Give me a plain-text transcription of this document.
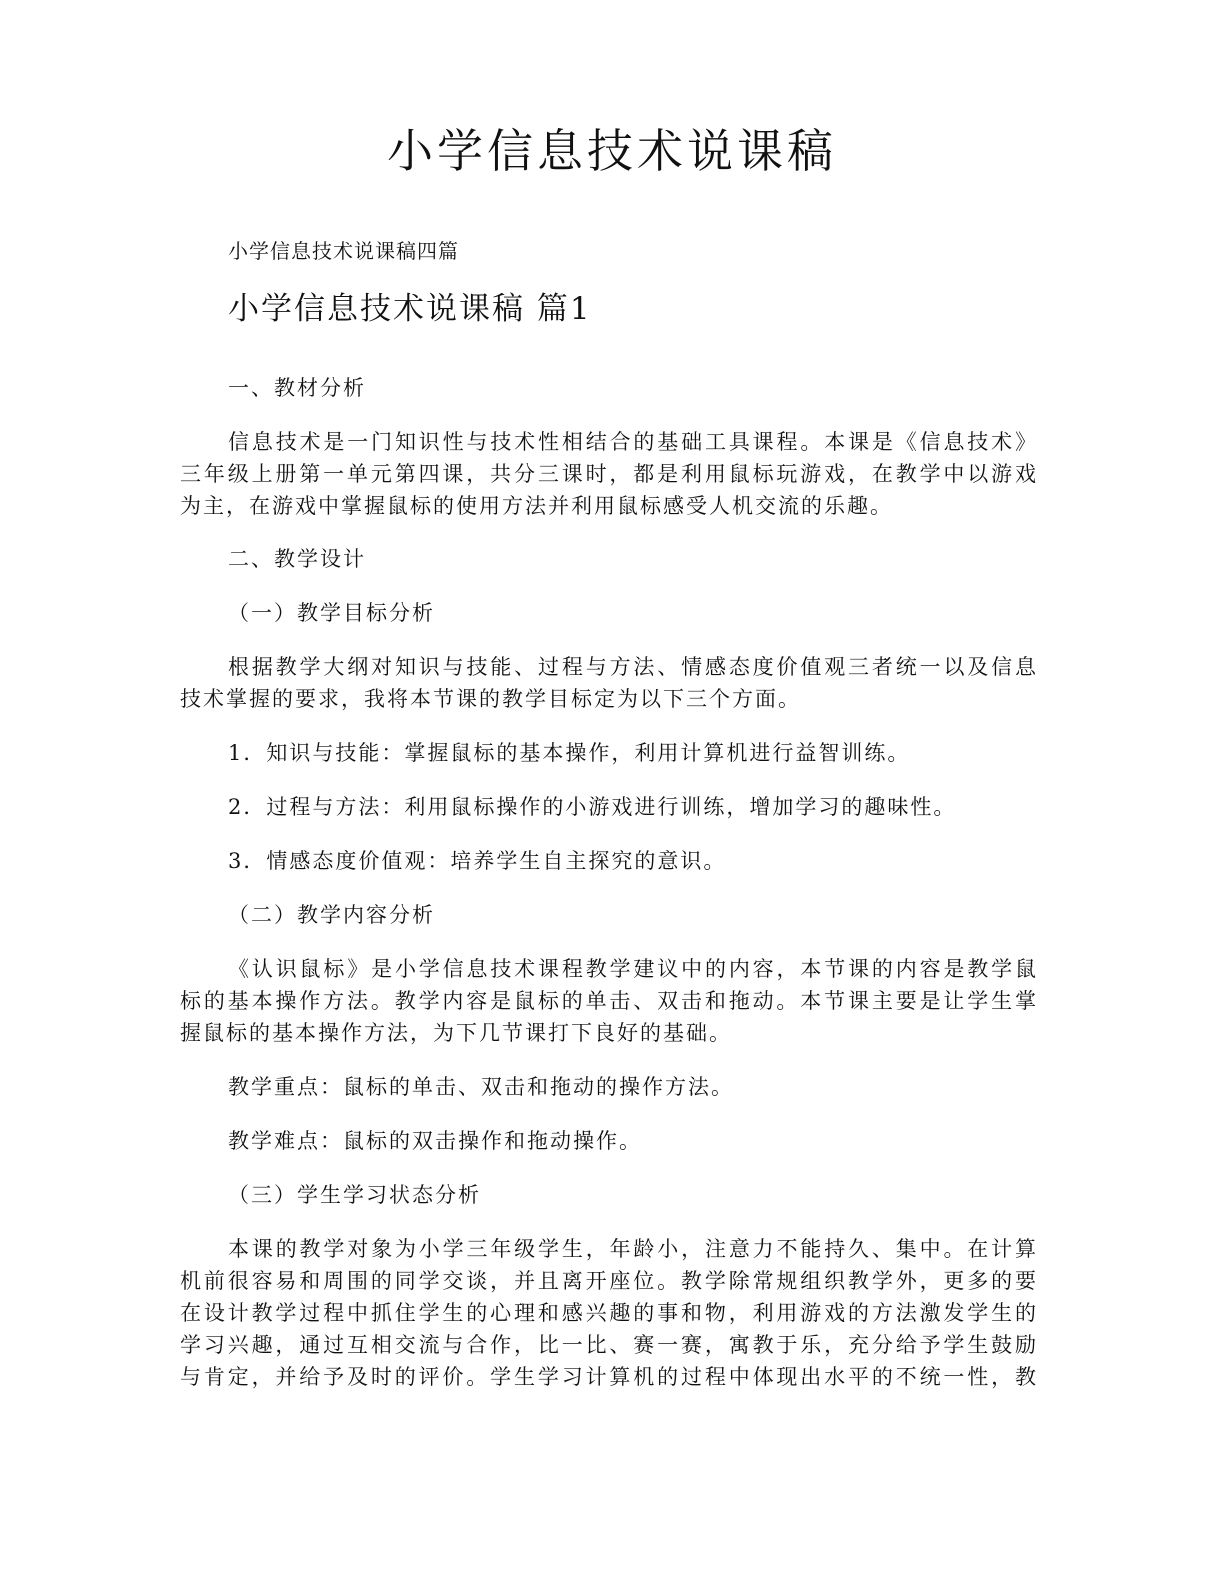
小学信息技术说课稿
小学信息技术说课稿四篇
小学信息技术说课稿 篇1
一、教材分析
信息技术是一门知识性与技术性相结合的基础工具课程。本课是《信息技术》
三年级上册第一单元第四课，共分三课时，都是利用鼠标玩游戏，在教学中以游戏
为主，在游戏中掌握鼠标的使用方法并利用鼠标感受人机交流的乐趣。
二、教学设计
（一）教学目标分析
根据教学大纲对知识与技能、过程与方法、情感态度价值观三者统一以及信息
技术掌握的要求，我将本节课的教学目标定为以下三个方面。
1．知识与技能：掌握鼠标的基本操作，利用计算机进行益智训练。
2．过程与方法：利用鼠标操作的小游戏进行训练，增加学习的趣味性。
3．情感态度价值观：培养学生自主探究的意识。
（二）教学内容分析
《认识鼠标》是小学信息技术课程教学建议中的内容，本节课的内容是教学鼠
标的基本操作方法。教学内容是鼠标的单击、双击和拖动。本节课主要是让学生掌
握鼠标的基本操作方法，为下几节课打下良好的基础。
教学重点：鼠标的单击、双击和拖动的操作方法。
教学难点：鼠标的双击操作和拖动操作。
（三）学生学习状态分析
本课的教学对象为小学三年级学生，年龄小，注意力不能持久、集中。在计算
机前很容易和周围的同学交谈，并且离开座位。教学除常规组织教学外，更多的要
在设计教学过程中抓住学生的心理和感兴趣的事和物，利用游戏的方法激发学生的
学习兴趣，通过互相交流与合作，比一比、赛一赛，寓教于乐，充分给予学生鼓励
与肯定，并给予及时的评价。学生学习计算机的过程中体现出水平的不统一性，教
